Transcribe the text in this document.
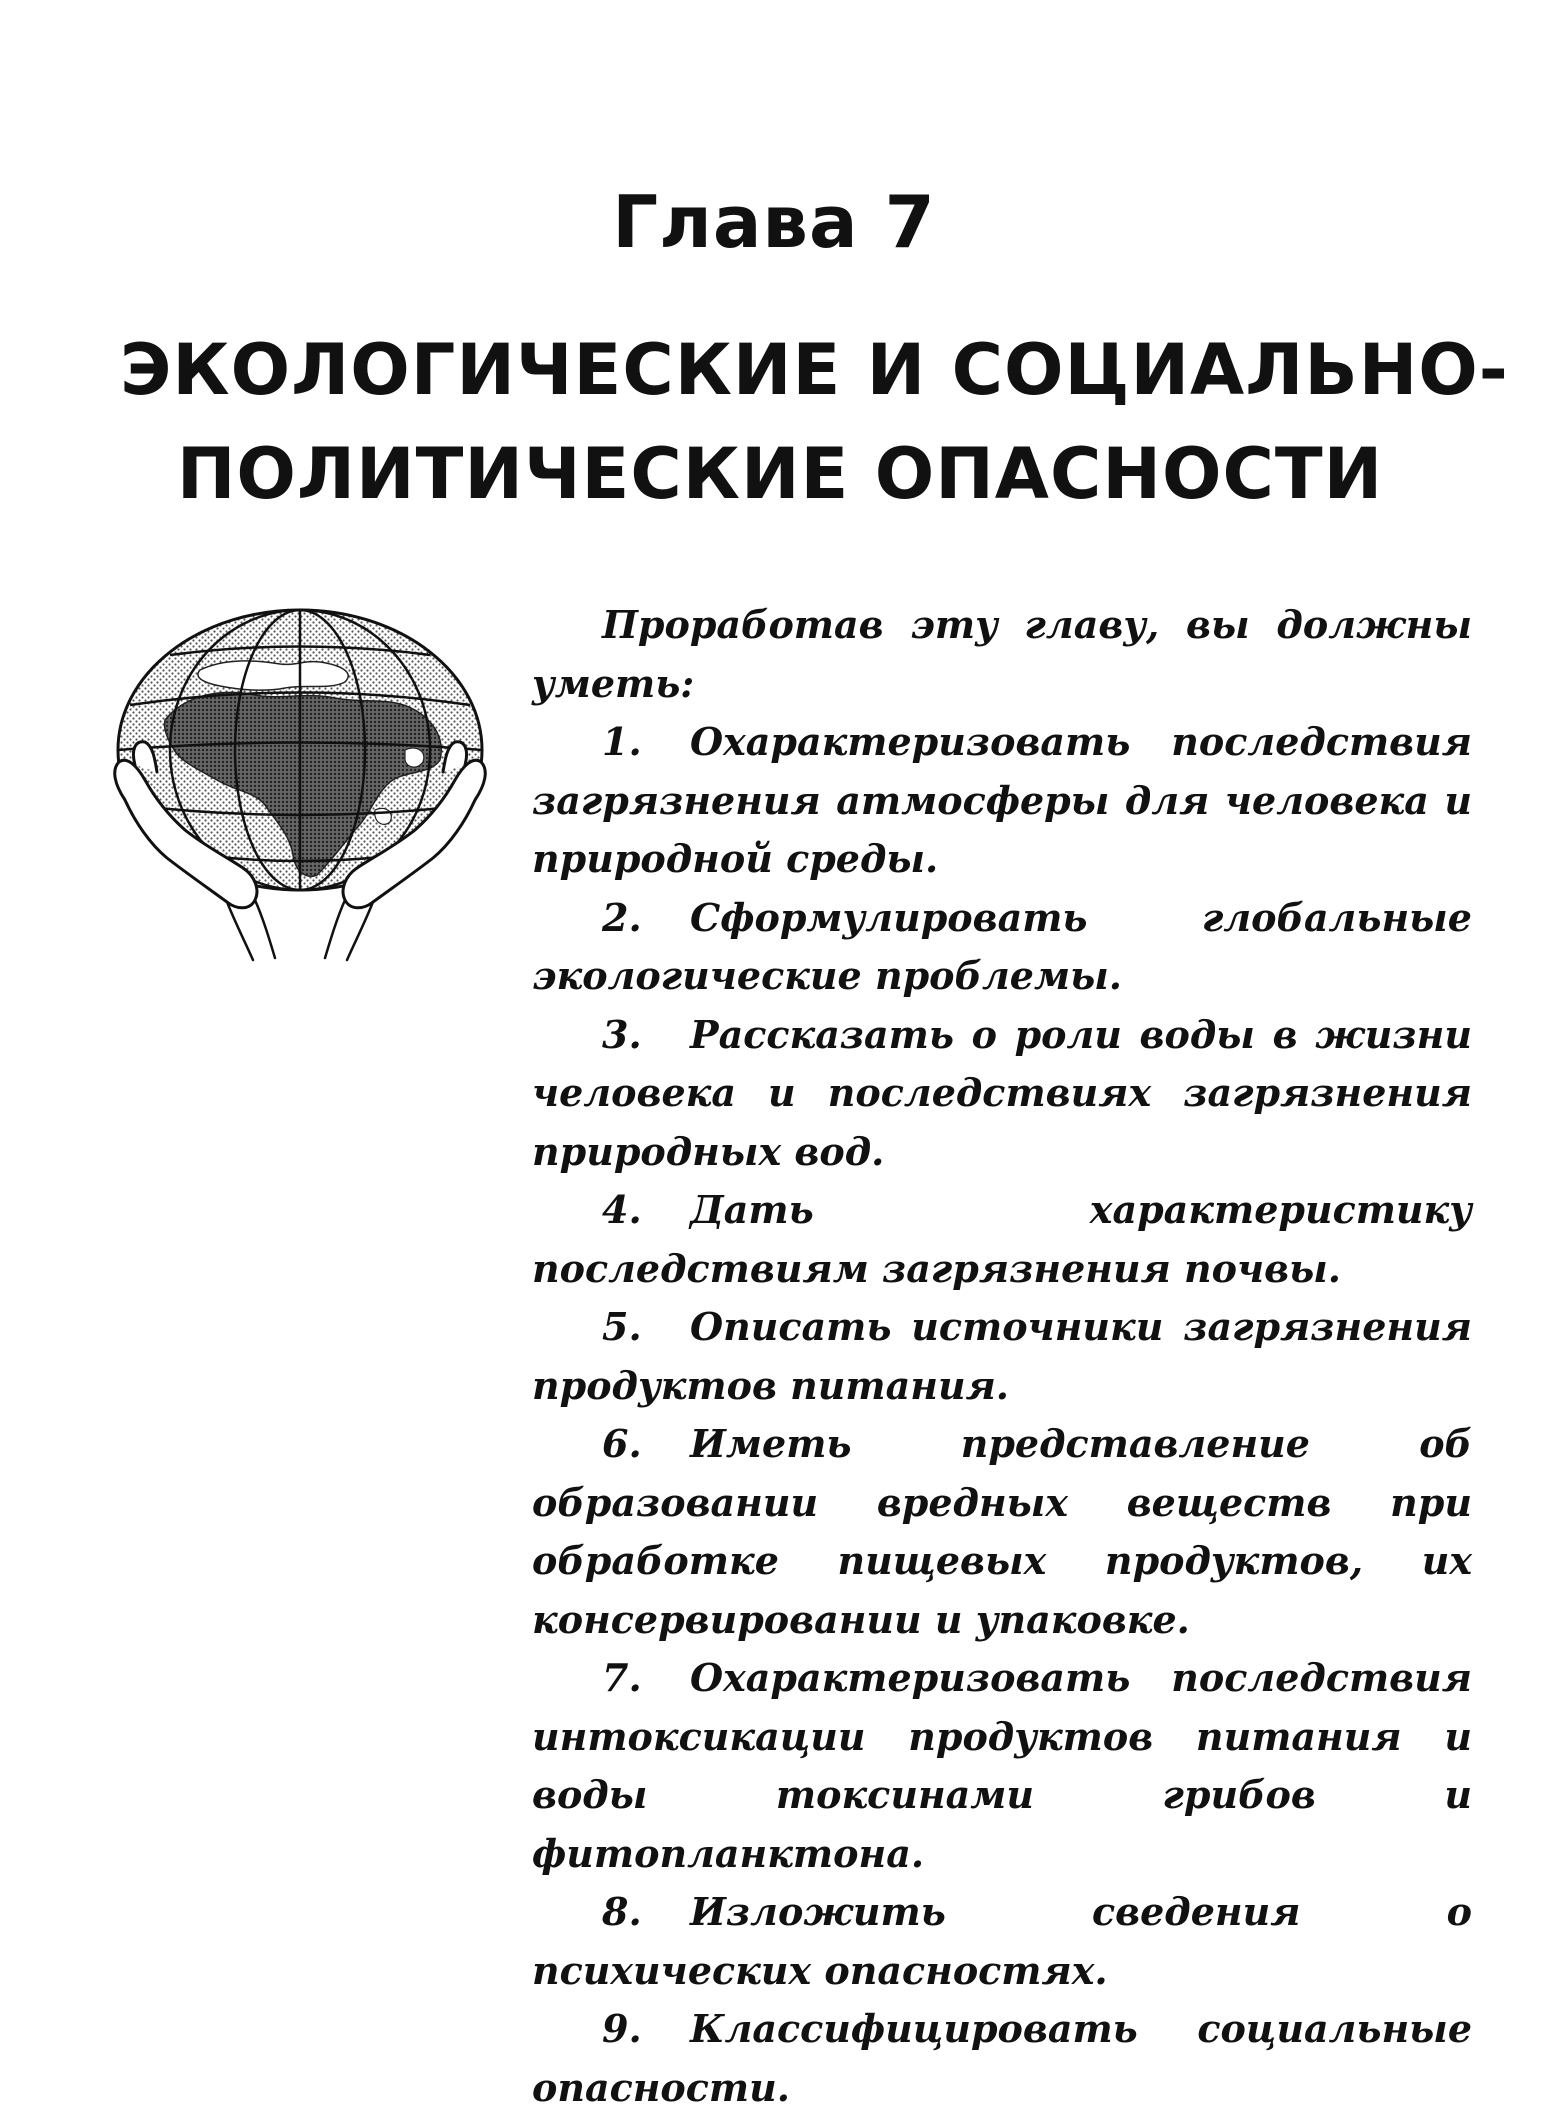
Глава 7
ЭКОЛОГИЧЕСКИЕ И СОЦИАЛЬНО-
ПОЛИТИЧЕСКИЕ ОПАСНОСТИ

Проработав эту главу, вы должны уметь:

1. Охарактеризовать последствия загрязнения атмосферы для человека и природной среды.

2. Сформулировать глобальные экологические проблемы.

3. Рассказать о роли воды в жизни человека и последствиях загрязнения природных вод.

4. Дать характеристику последствиям загрязнения почвы.

5. Описать источники загрязнения продуктов питания.

6. Иметь представление об образовании вредных веществ при обработке пищевых продуктов, их консервировании и упаковке.

7. Охарактеризовать последствия интоксикации продуктов питания и воды токсинами грибов и фитопланктона.

8. Изложить сведения о психических опасностях.

9. Классифицировать социальные опасности.
